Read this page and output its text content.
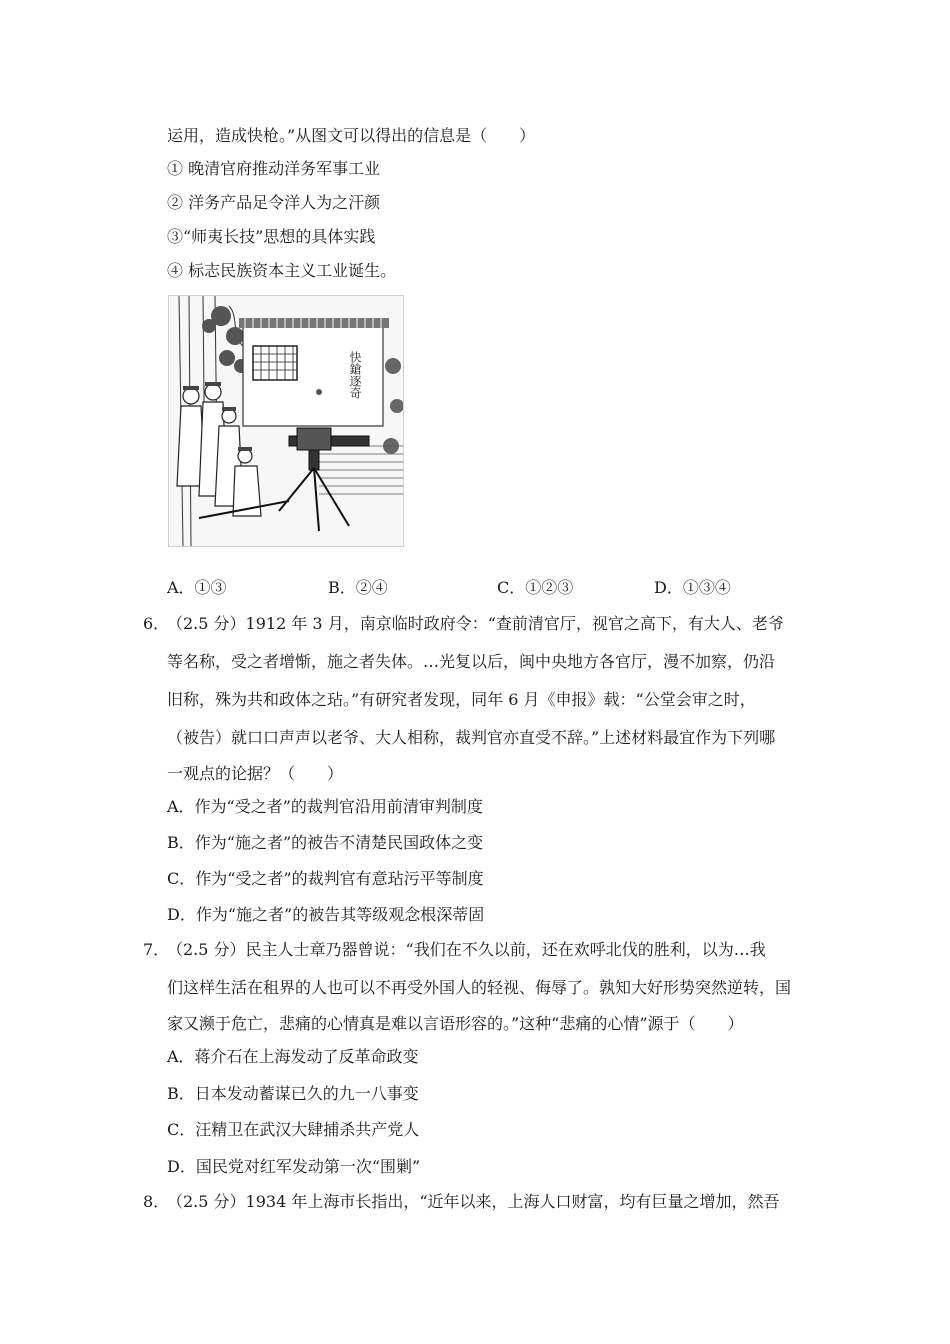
运用，造成快枪。”从图文可以得出的信息是（　　）
① 晚清官府推动洋务军事工业
② 洋务产品足令洋人为之汗颜
③“师夷长技”思想的具体实践
④ 标志民族资本主义工业诞生。
快鎗逐奇
A．①③	B．②④	C．①②③	D．①③④
6．
（2.5 分）1912 年 3 月，南京临时政府令：“查前清官厅，视官之高下，有大人、老爷
等名称，受之者增惭，施之者失体。…光复以后，闽中央地方各官厅，漫不加察，仍沿
旧称，殊为共和政体之玷。”有研究者发现，同年 6 月《申报》载：“公堂会审之时，
（被告）就口口声声以老爷、大人相称，裁判官亦直受不辞。”上述材料最宜作为下列哪
一观点的论据？（　　）
A．作为“受之者”的裁判官沿用前清审判制度
B．作为“施之者”的被告不清楚民国政体之变
C．作为“受之者”的裁判官有意玷污平等制度
D．作为“施之者”的被告其等级观念根深蒂固
7．
（2.5 分）民主人士章乃器曾说：“我们在不久以前，还在欢呼北伐的胜利，以为…我
们这样生活在租界的人也可以不再受外国人的轻视、侮辱了。孰知大好形势突然逆转，国
家又濒于危亡，悲痛的心情真是难以言语形容的。”这种“悲痛的心情”源于（　　）
A．蒋介石在上海发动了反革命政变
B．日本发动蓄谋已久的九一八事变
C．汪精卫在武汉大肆捕杀共产党人
D．国民党对红军发动第一次“围剿”
8．
（2.5 分）1934 年上海市长指出，“近年以来，上海人口财富，均有巨量之增加，然吾
